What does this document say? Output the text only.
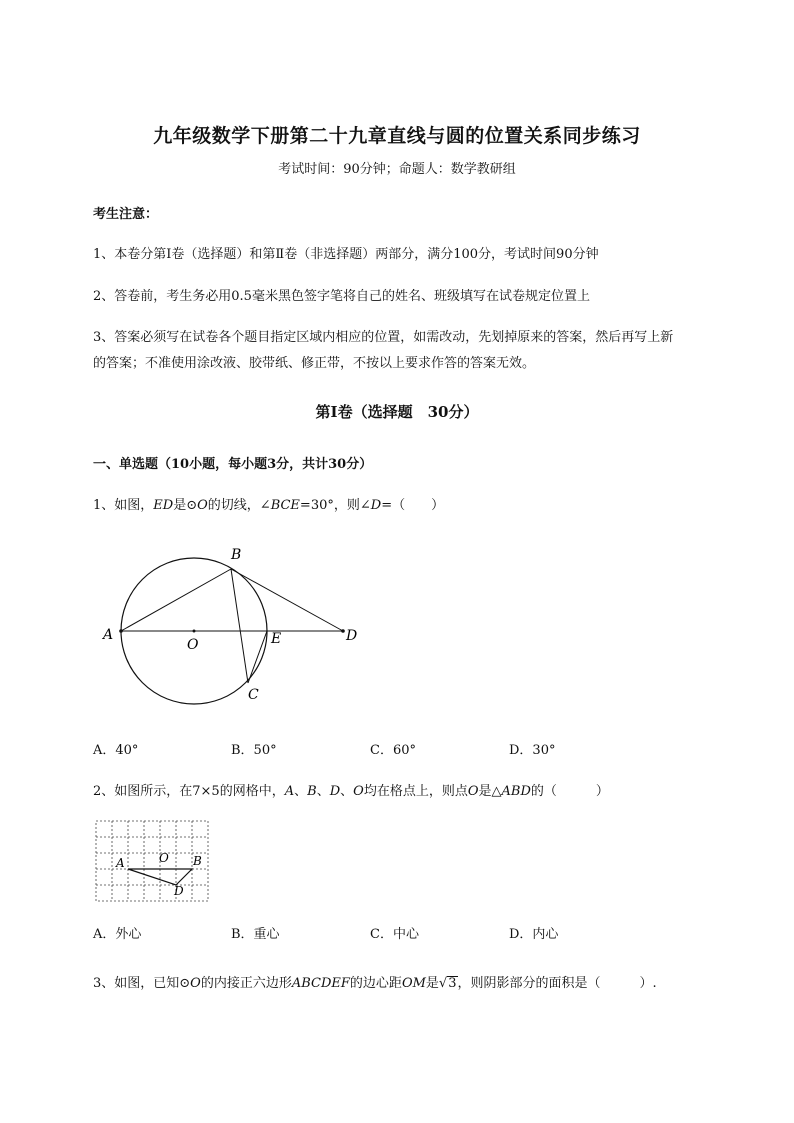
九年级数学下册第二十九章直线与圆的位置关系同步练习
考试时间：90分钟；命题人：数学教研组
考生注意：
1、本卷分第I卷（选择题）和第Ⅱ卷（非选择题）两部分，满分100分，考试时间90分钟
2、答卷前，考生务必用0.5毫米黑色签字笔将自己的姓名、班级填写在试卷规定位置上
3、答案必须写在试卷各个题目指定区域内相应的位置，如需改动，先划掉原来的答案，然后再写上新
的答案；不准使用涂改液、胶带纸、修正带，不按以上要求作答的答案无效。
第I卷（选择题　30分）
一、单选题（10小题，每小题3分，共计30分）
1、如图，ED是⊙O的切线，∠BCE=30°，则∠D=（　　）
A
B
O	E	D
C
A．40°	B．50°	C．60°	D．30°
2、如图所示，在7×5的网格中，A、B、D、O均在格点上，则点O是△ABD的（　　　）
A	O B
D
A．外心	B．重心	C．中心	D．内心
3、如图，已知⊙O的内接正六边形ABCDEF的边心距OM是√3，则阴影部分的面积是（　　　）.
